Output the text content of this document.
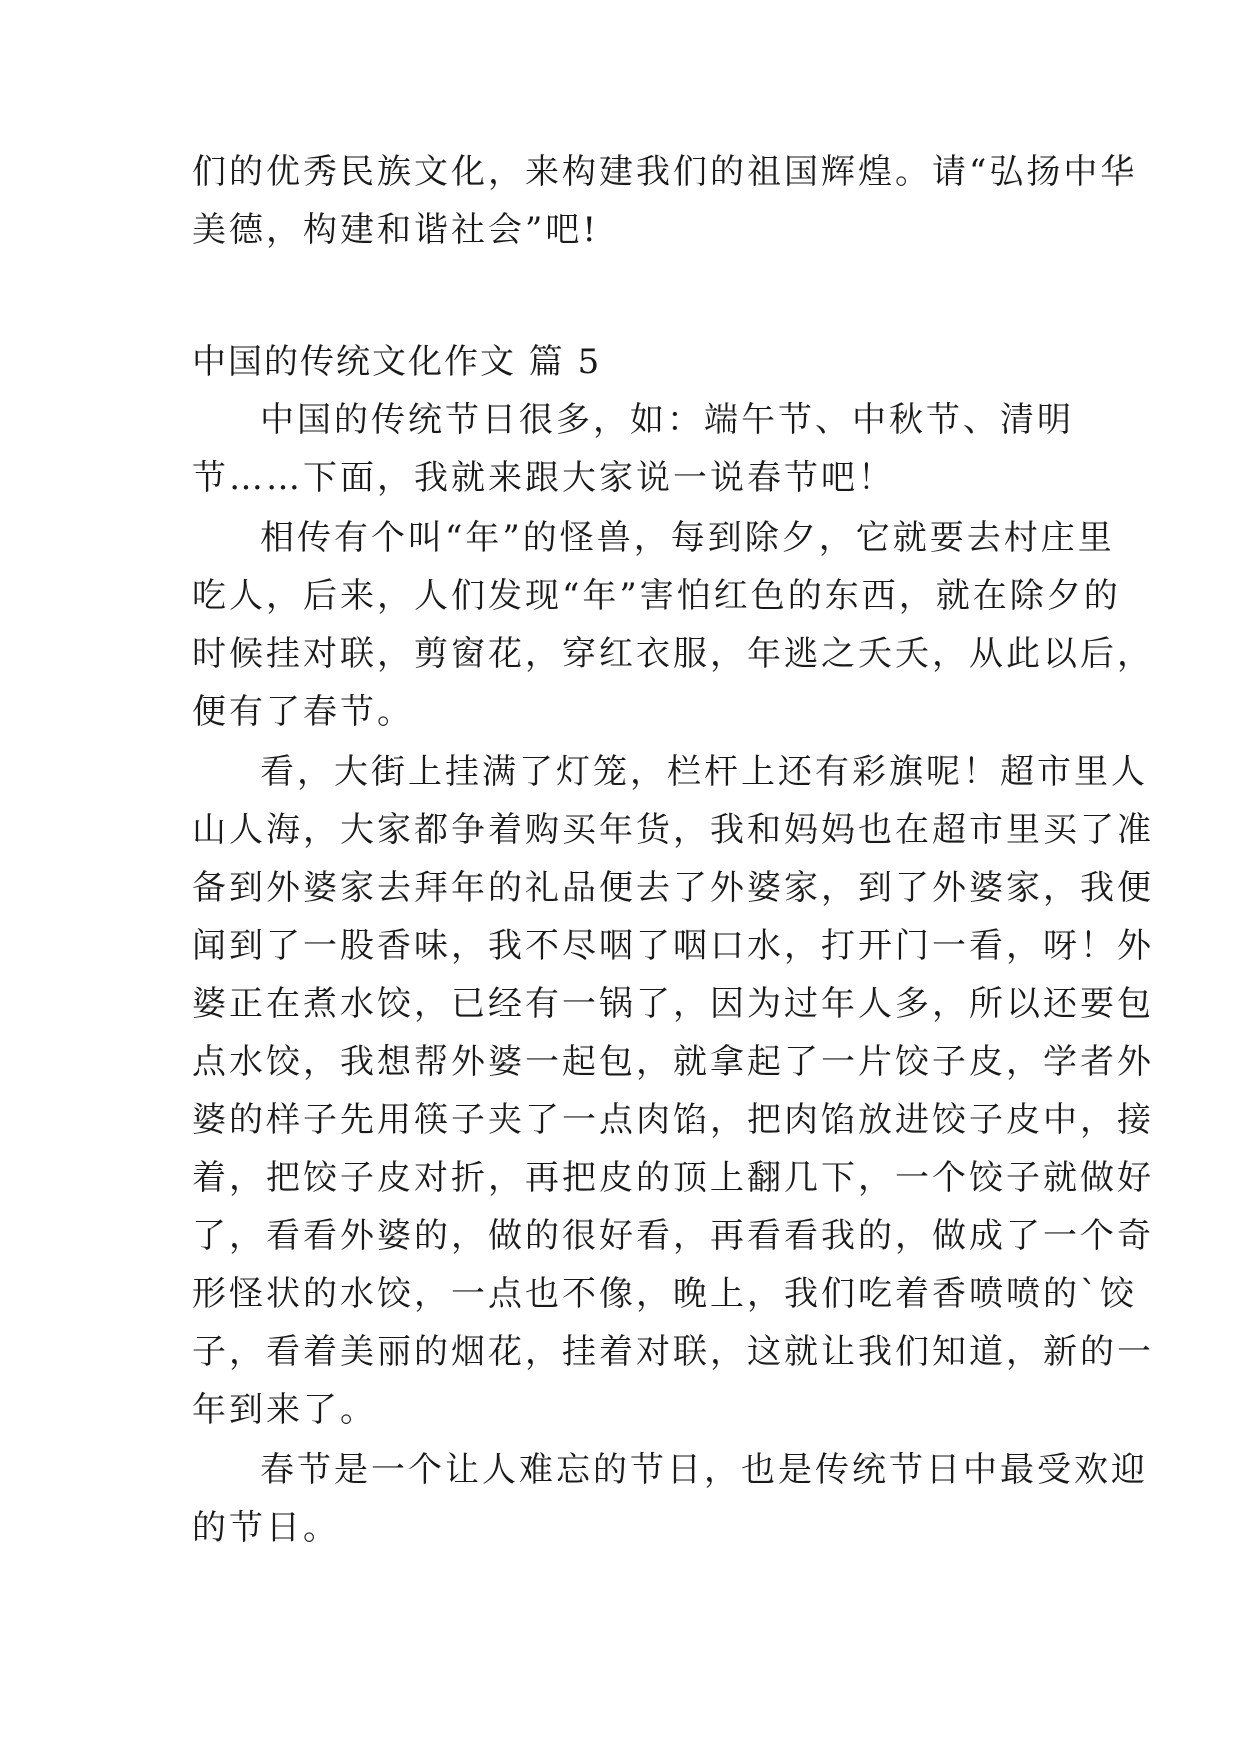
们的优秀民族文化，来构建我们的祖国辉煌。请“弘扬中华
美德，构建和谐社会”吧!
中国的传统文化作文 篇 5
中国的传统节日很多，如：端午节、中秋节、清明
节……下面，我就来跟大家说一说春节吧！
相传有个叫“年”的怪兽，每到除夕，它就要去村庄里
吃人，后来，人们发现“年”害怕红色的东西，就在除夕的
时候挂对联，剪窗花，穿红衣服，年逃之夭夭，从此以后，
便有了春节。
看，大街上挂满了灯笼，栏杆上还有彩旗呢！超市里人
山人海，大家都争着购买年货，我和妈妈也在超市里买了准
备到外婆家去拜年的礼品便去了外婆家，到了外婆家，我便
闻到了一股香味，我不尽咽了咽口水，打开门一看，呀！外
婆正在煮水饺，已经有一锅了，因为过年人多，所以还要包
点水饺，我想帮外婆一起包，就拿起了一片饺子皮，学者外
婆的样子先用筷子夹了一点肉馅，把肉馅放进饺子皮中，接
着，把饺子皮对折，再把皮的顶上翻几下，一个饺子就做好
了，看看外婆的，做的很好看，再看看我的，做成了一个奇
形怪状的水饺，一点也不像，晚上，我们吃着香喷喷的`饺
子，看着美丽的烟花，挂着对联，这就让我们知道，新的一
年到来了。
春节是一个让人难忘的节日，也是传统节日中最受欢迎
的节日。
